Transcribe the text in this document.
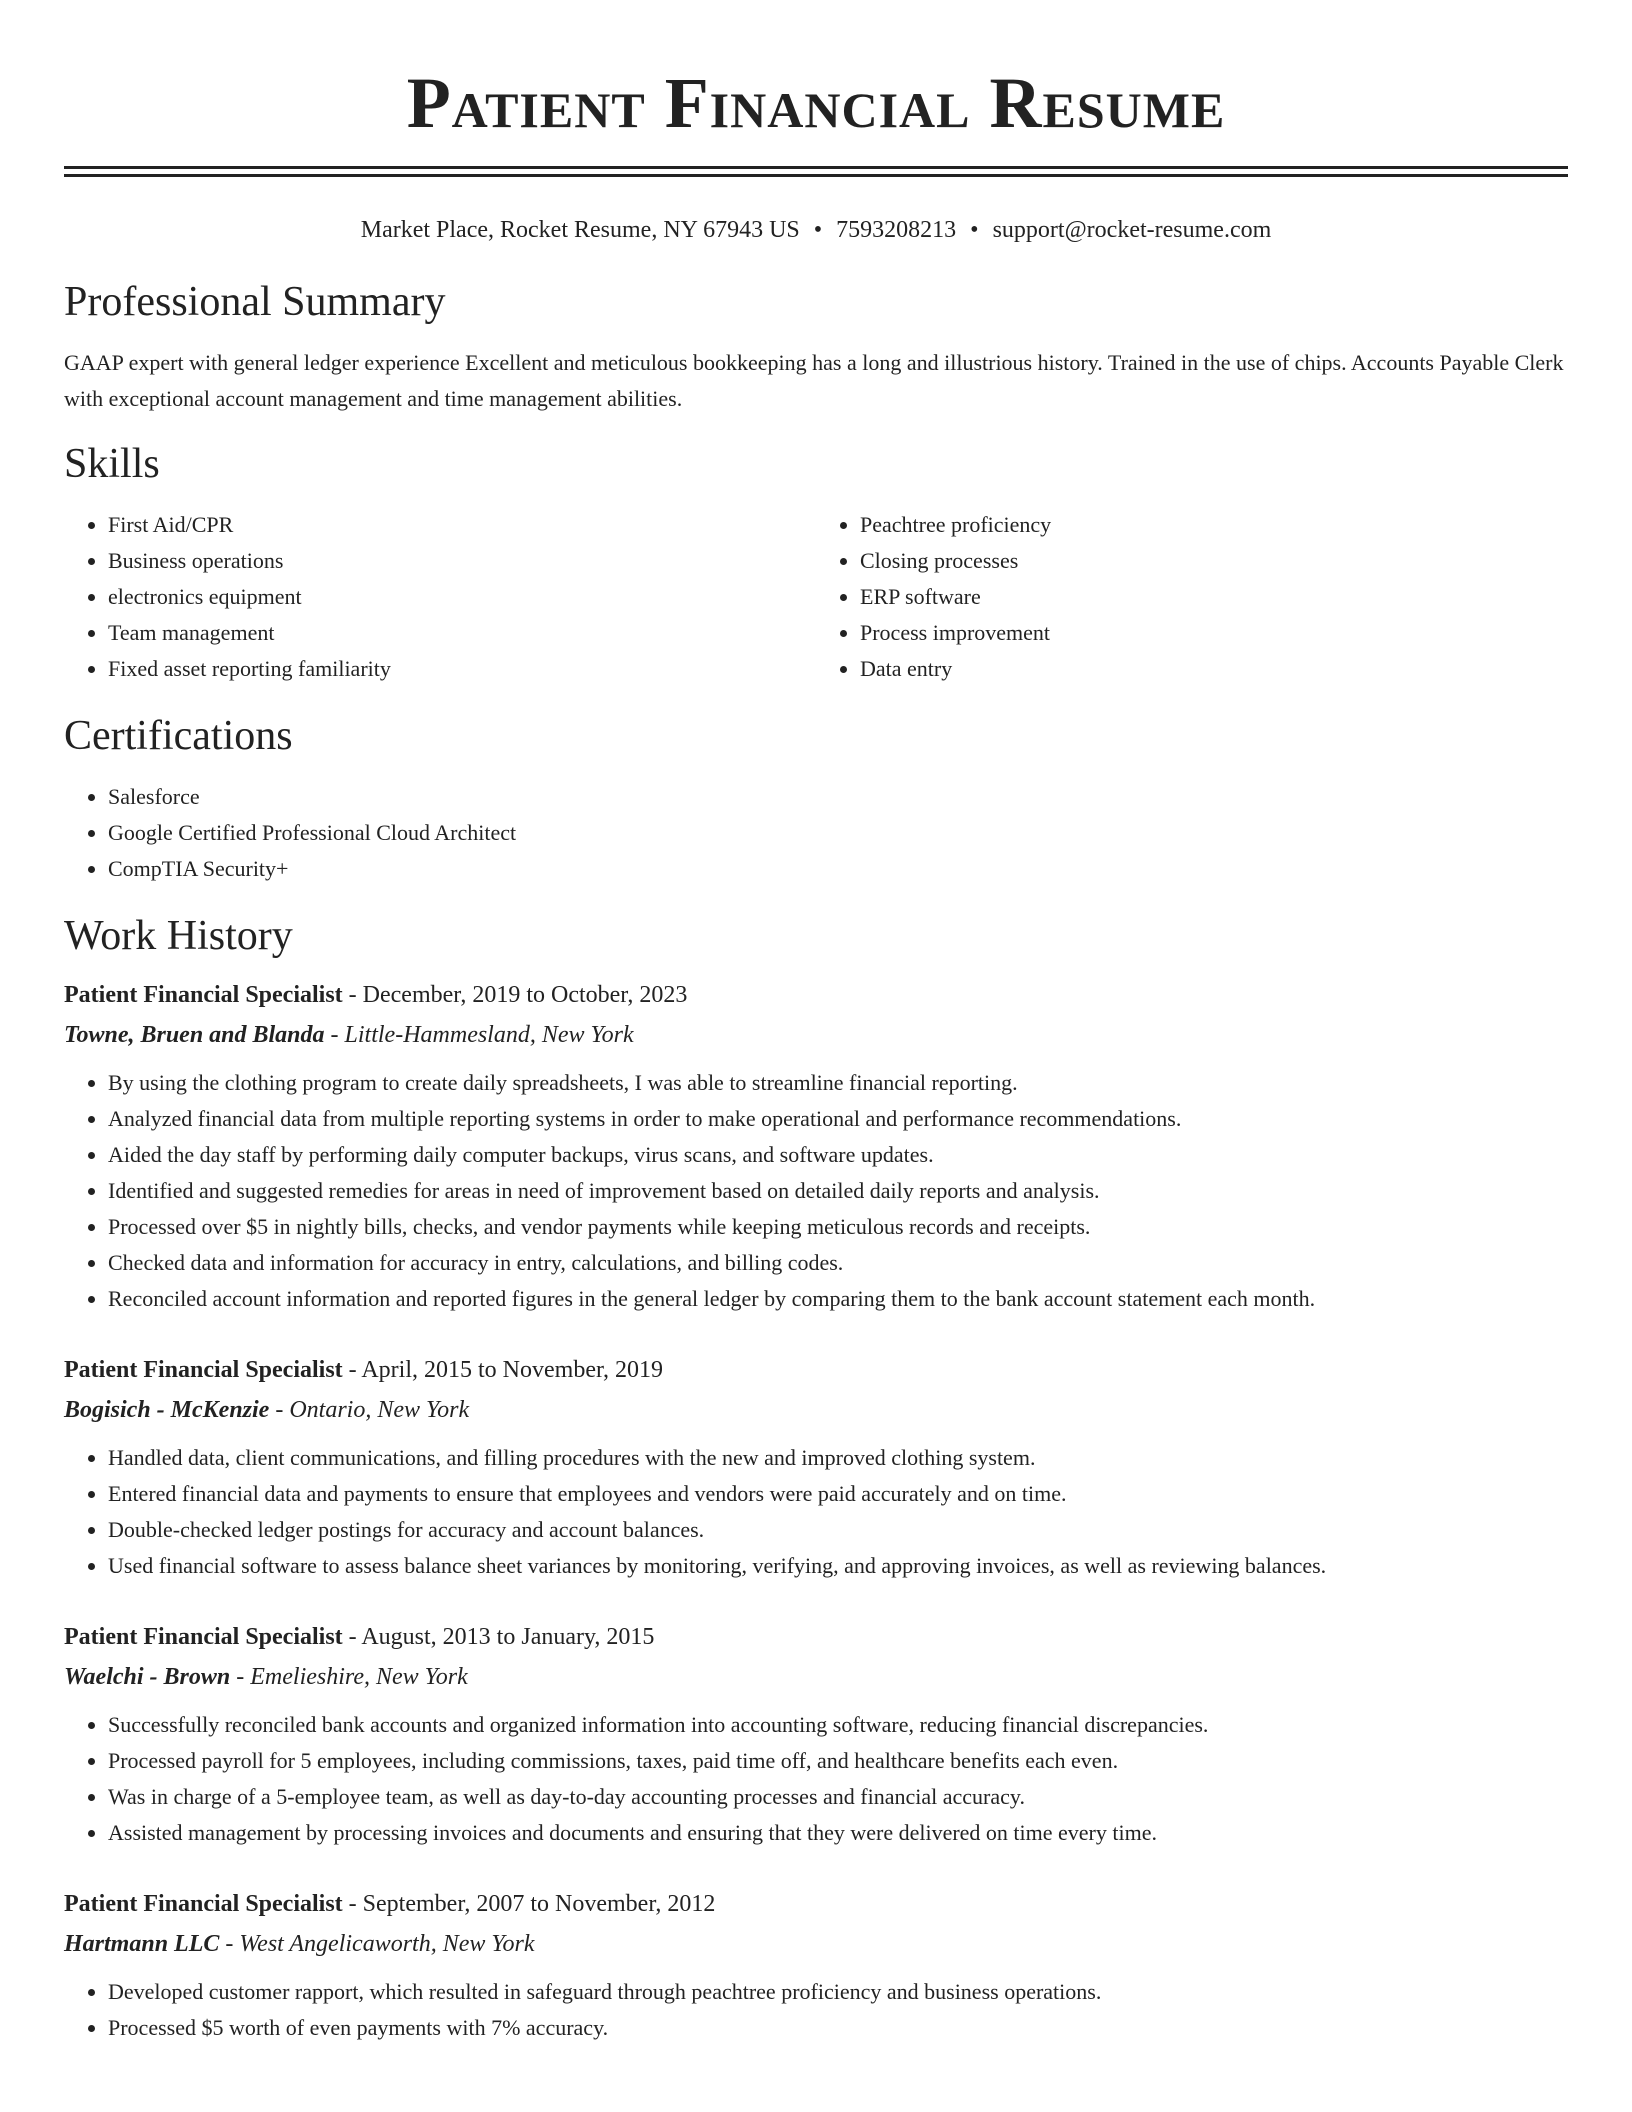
Patient Financial Resume
Market Place, Rocket Resume, NY 67943 US • 7593208213 • support@rocket-resume.com
Professional Summary
GAAP expert with general ledger experience Excellent and meticulous bookkeeping has a long and illustrious history. Trained in the use of chips. Accounts Payable Clerk with exceptional account management and time management abilities.
Skills
• First Aid/CPR
• Business operations
• electronics equipment
• Team management
• Fixed asset reporting familiarity
• Peachtree proficiency
• Closing processes
• ERP software
• Process improvement
• Data entry
Certifications
• Salesforce
• Google Certified Professional Cloud Architect
• CompTIA Security+
Work History
Patient Financial Specialist - December, 2019 to October, 2023
Towne, Bruen and Blanda - Little-Hammesland, New York
• By using the clothing program to create daily spreadsheets, I was able to streamline financial reporting.
• Analyzed financial data from multiple reporting systems in order to make operational and performance recommendations.
• Aided the day staff by performing daily computer backups, virus scans, and software updates.
• Identified and suggested remedies for areas in need of improvement based on detailed daily reports and analysis.
• Processed over $5 in nightly bills, checks, and vendor payments while keeping meticulous records and receipts.
• Checked data and information for accuracy in entry, calculations, and billing codes.
• Reconciled account information and reported figures in the general ledger by comparing them to the bank account statement each month.
Patient Financial Specialist - April, 2015 to November, 2019
Bogisich - McKenzie - Ontario, New York
• Handled data, client communications, and filling procedures with the new and improved clothing system.
• Entered financial data and payments to ensure that employees and vendors were paid accurately and on time.
• Double-checked ledger postings for accuracy and account balances.
• Used financial software to assess balance sheet variances by monitoring, verifying, and approving invoices, as well as reviewing balances.
Patient Financial Specialist - August, 2013 to January, 2015
Waelchi - Brown - Emelieshire, New York
• Successfully reconciled bank accounts and organized information into accounting software, reducing financial discrepancies.
• Processed payroll for 5 employees, including commissions, taxes, paid time off, and healthcare benefits each even.
• Was in charge of a 5-employee team, as well as day-to-day accounting processes and financial accuracy.
• Assisted management by processing invoices and documents and ensuring that they were delivered on time every time.
Patient Financial Specialist - September, 2007 to November, 2012
Hartmann LLC - West Angelicaworth, New York
• Developed customer rapport, which resulted in safeguard through peachtree proficiency and business operations.
• Processed $5 worth of even payments with 7% accuracy.
